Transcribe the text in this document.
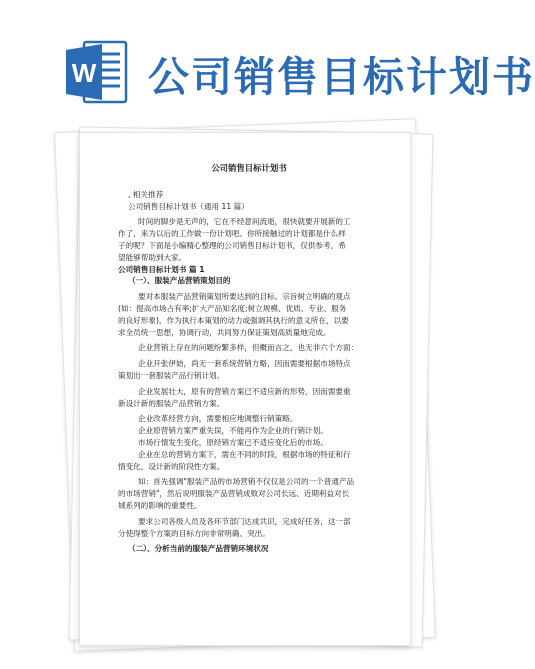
W 公司销售目标计划书
公司销售目标计划书

, 相关推荐

公司销售目标计划书（通用 11 篇）

时间的脚步是无声的，它在不经意间流逝，很快就要开展新的工

作了，来为以后的工作做一份计划吧。你所接触过的计划都是什么样

子的呢？下面是小编精心整理的公司销售目标计划书，仅供参考，希

望能够帮助到大家。

公司销售目标计划书 篇 1

（一）、服装产品营销策划目的

要对本服装产品营销策划所要达到的目标、宗旨树立明确的观点

(如：提高市场占有率;扩大产品知名度;树立规模、优质、专业、服务

的良好形象)，作为执行本策划的动力或强调其执行的意义所在，以要

求全员统一思想，协调行动，共同努力保证策划高质量地完成。

企业营销上存在的问题纷繁多样，但概而言之，也无非六个方面：

企业开张伊始，尚无一套系统营销方略，因而需要根据市场特点

策划出一套服装产品行销计划。

企业发展壮大，原有的营销方案已不适应新的形势，因而需要重

新设计新的服装产品营销方案。

企业改革经营方向，需要相应地调整行销策略。

企业原营销方案严重失误，不能再作为企业的行销计划。

市场行情发生变化，原经销方案已不适应变化后的市场。

企业在总的营销方案下，需在不同的时段，根据市场的特征和行

情变化，设计新的阶段性方案。

如：首先强调"服装产品的市场营销不仅仅是公司的一个普通产品

的市场营销"，然后说明服装产品营销成败对公司长远、近期利益对长

城系列的影响的重要性。

要求公司各级人员及各环节部门达成共识，完成好任务，这一部

分使得整个方案的目标方向非常明确、突出。

（二）、分析当前的服装产品营销环境状况
